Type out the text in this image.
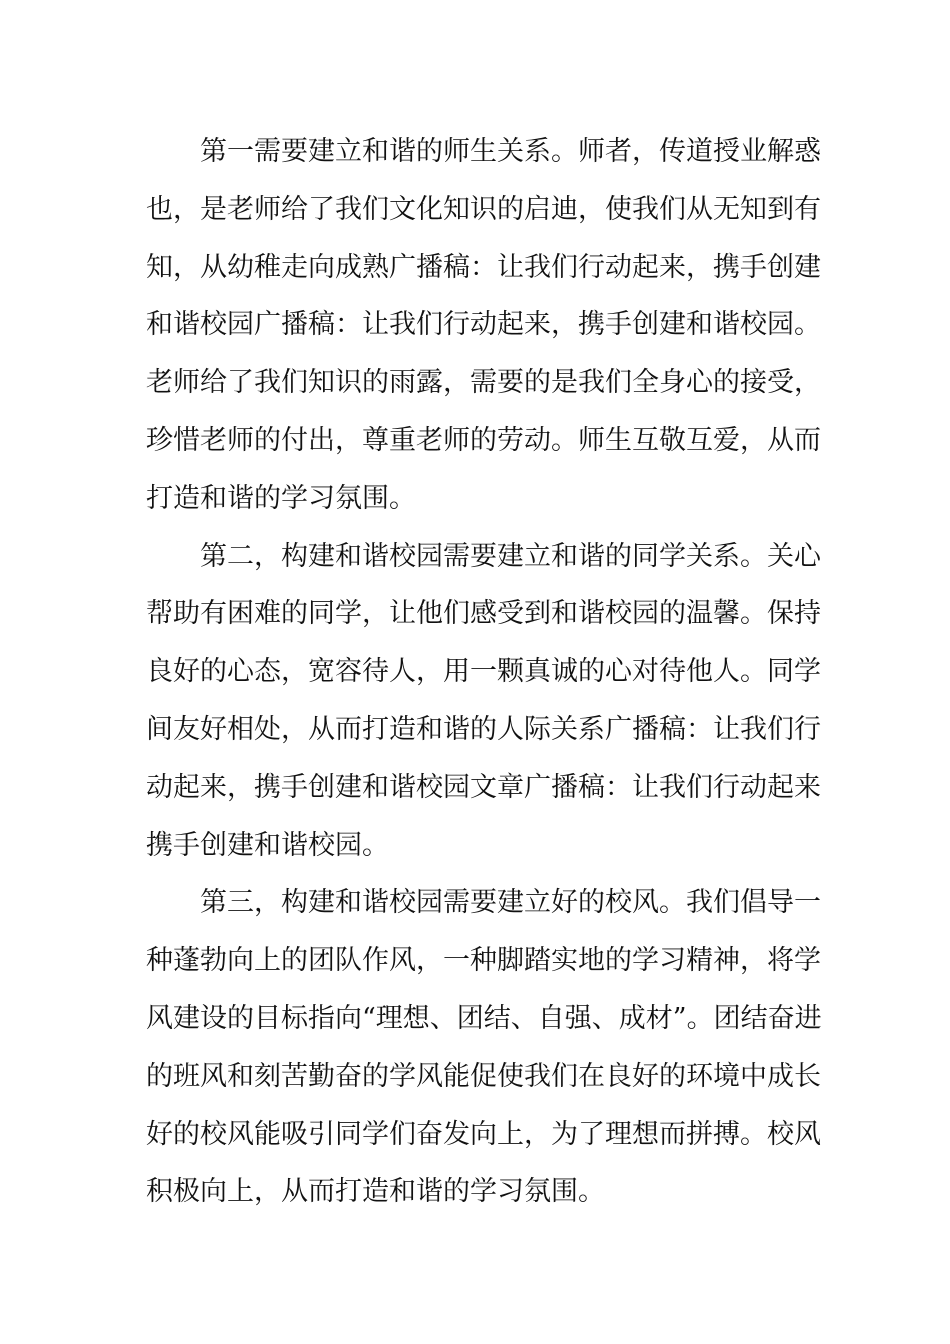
第一需要建立和谐的师生关系。师者，传道授业解惑
也，是老师给了我们文化知识的启迪，使我们从无知到有
知，从幼稚走向成熟广播稿：让我们行动起来，携手创建
和谐校园广播稿：让我们行动起来，携手创建和谐校园。
老师给了我们知识的雨露，需要的是我们全身心的接受，
珍惜老师的付出，尊重老师的劳动。师生互敬互爱，从而
打造和谐的学习氛围。
第二，构建和谐校园需要建立和谐的同学关系。关心
帮助有困难的同学，让他们感受到和谐校园的温馨。保持
良好的心态，宽容待人，用一颗真诚的心对待他人。同学
间友好相处，从而打造和谐的人际关系广播稿：让我们行
动起来，携手创建和谐校园文章广播稿：让我们行动起来
携手创建和谐校园。
第三，构建和谐校园需要建立好的校风。我们倡导一
种蓬勃向上的团队作风，一种脚踏实地的学习精神，将学
风建设的目标指向“理想、团结、自强、成材”。团结奋进
的班风和刻苦勤奋的学风能促使我们在良好的环境中成长
好的校风能吸引同学们奋发向上，为了理想而拼搏。校风
积极向上，从而打造和谐的学习氛围。
